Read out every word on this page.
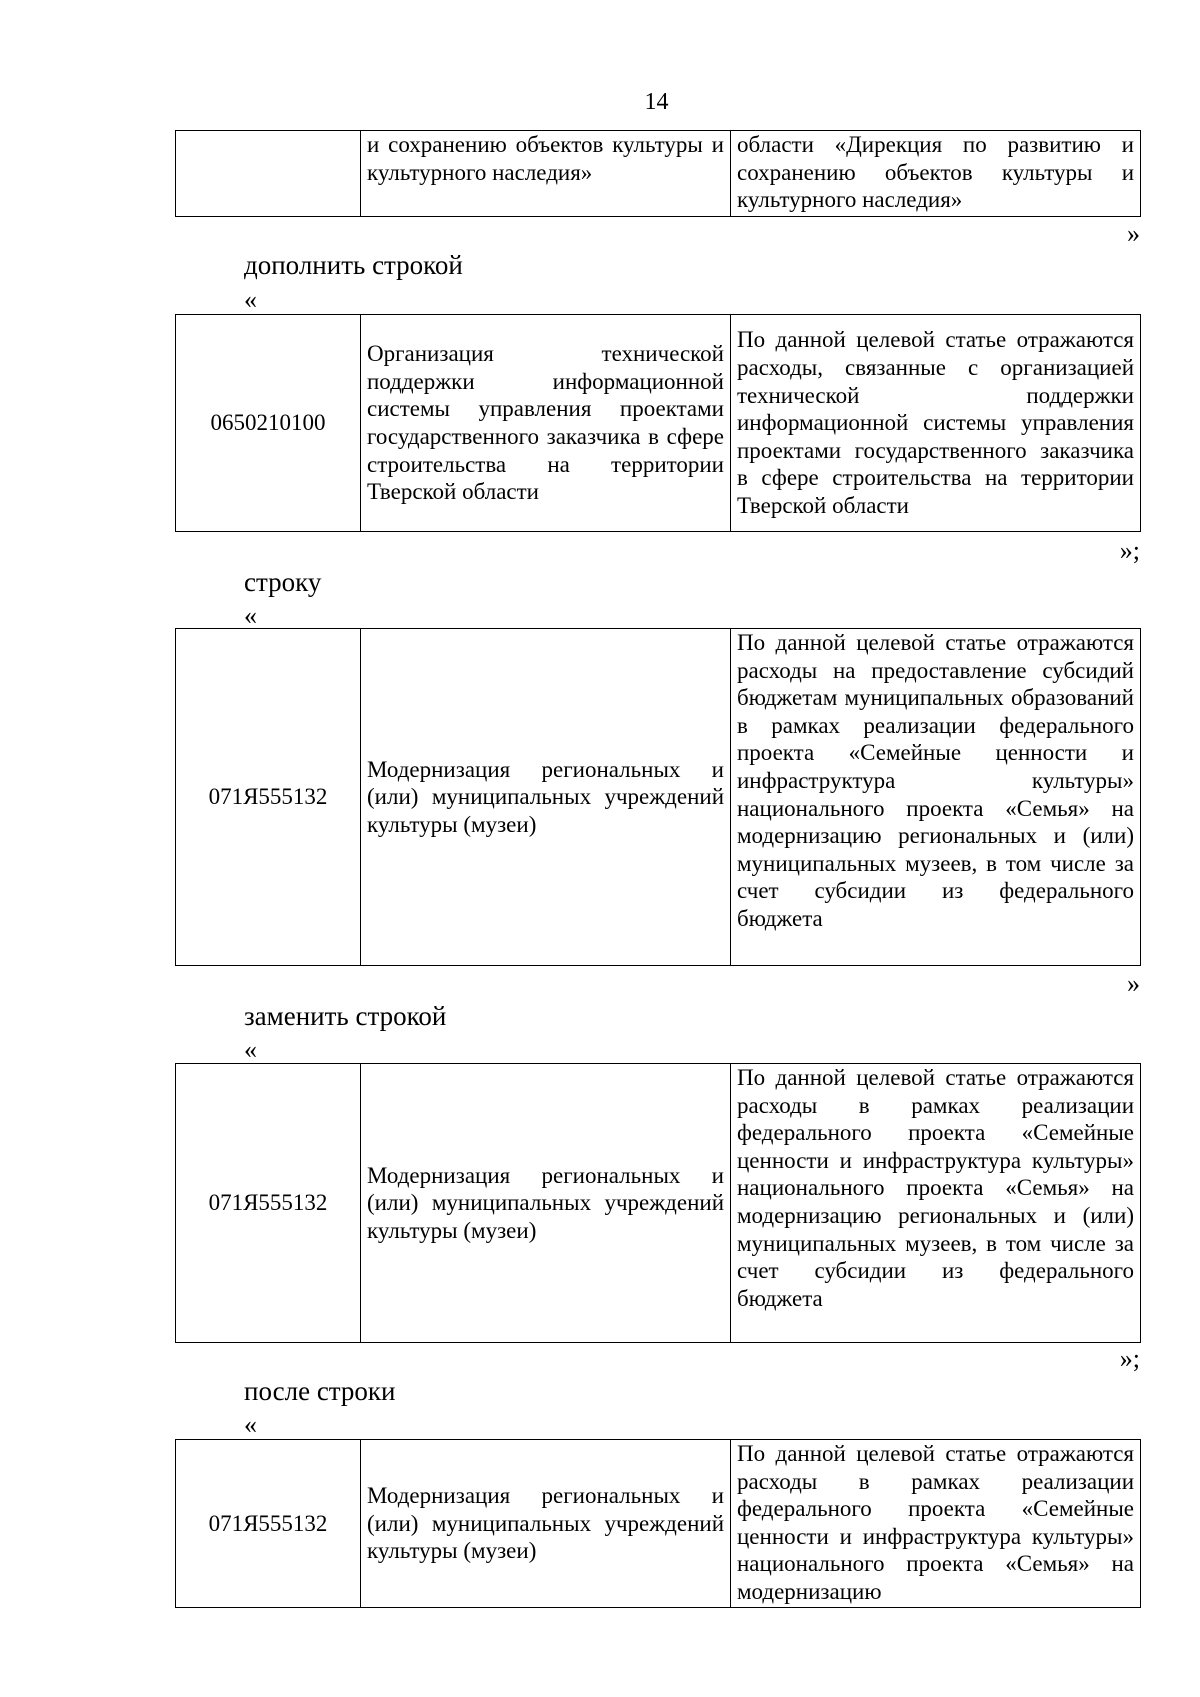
14
	и сохранению объектов культуры и культурного наследия»	области «Дирекция по развитию и сохранению объектов культуры и культурного наследия»
»
дополнить строкой
«
0650210100	Организация технической поддержки информационной системы управления проектами государственного заказчика в сфере строительства на территории Тверской области	По данной целевой статье отражаются расходы, связанные с организацией технической поддержки информационной системы управления проектами государственного заказчика в сфере строительства на территории Тверской области
»;
строку
«
071Я555132	Модернизация региональных и (или) муниципальных учреждений культуры (музеи)	По данной целевой статье отражаются расходы на предоставление субсидий бюджетам муниципальных образований в рамках реализации федерального проекта «Семейные ценности и инфраструктура культуры» национального проекта «Семья» на модернизацию региональных и (или) муниципальных музеев, в том числе за счет субсидии из федерального бюджета
»
заменить строкой
«
071Я555132	Модернизация региональных и (или) муниципальных учреждений культуры (музеи)	По данной целевой статье отражаются расходы в рамках реализации федерального проекта «Семейные ценности и инфраструктура культуры» национального проекта «Семья» на модернизацию региональных и (или) муниципальных музеев, в том числе за счет субсидии из федерального бюджета
»;
после строки
«
071Я555132	Модернизация региональных и (или) муниципальных учреждений культуры (музеи)	По данной целевой статье отражаются расходы в рамках реализации федерального проекта «Семейные ценности и инфраструктура культуры» национального проекта «Семья» на модернизацию
